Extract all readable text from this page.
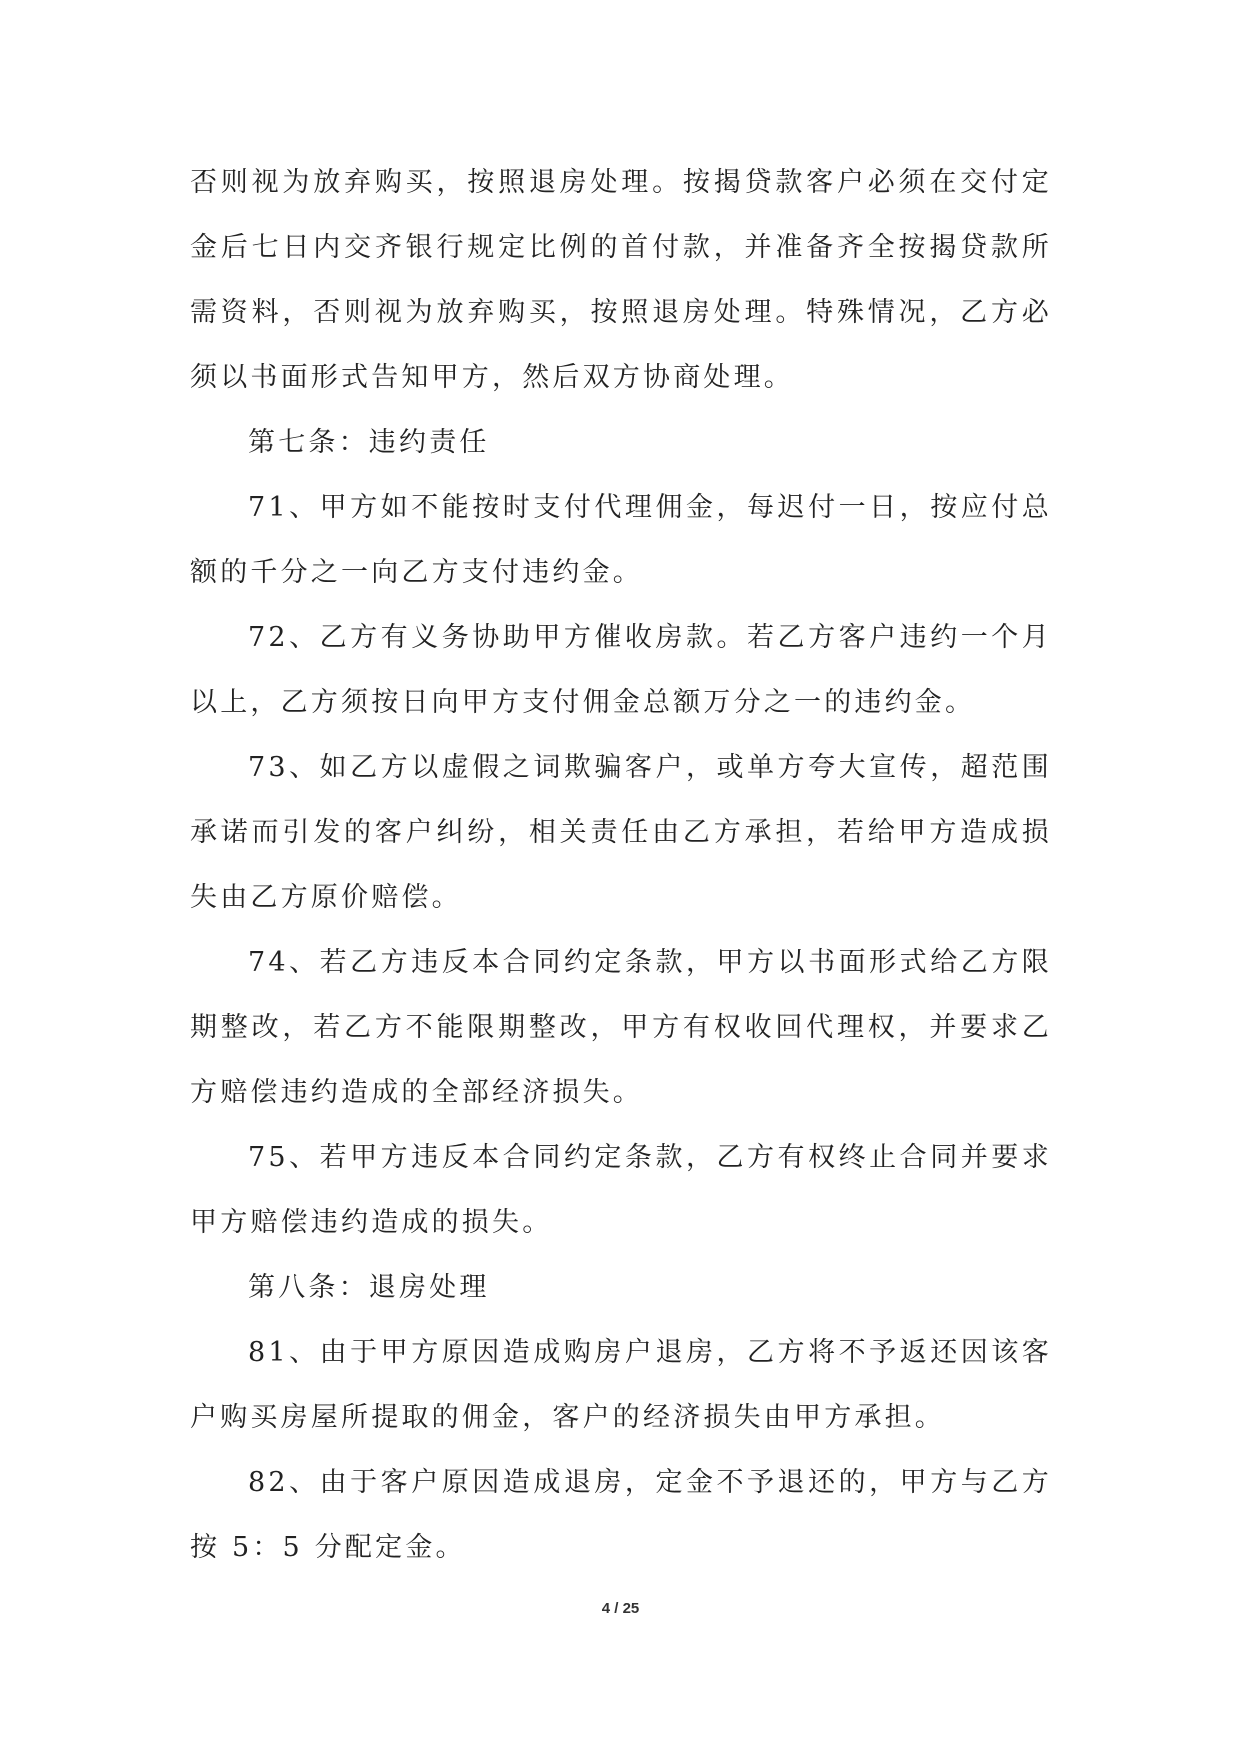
否则视为放弃购买，按照退房处理。按揭贷款客户必须在交付定金后七日内交齐银行规定比例的首付款，并准备齐全按揭贷款所需资料，否则视为放弃购买，按照退房处理。特殊情况，乙方必须以书面形式告知甲方，然后双方协商处理。

第七条：违约责任

71、甲方如不能按时支付代理佣金，每迟付一日，按应付总额的千分之一向乙方支付违约金。

72、乙方有义务协助甲方催收房款。若乙方客户违约一个月以上，乙方须按日向甲方支付佣金总额万分之一的违约金。

73、如乙方以虚假之词欺骗客户，或单方夸大宣传，超范围承诺而引发的客户纠纷，相关责任由乙方承担，若给甲方造成损失由乙方原价赔偿。

74、若乙方违反本合同约定条款，甲方以书面形式给乙方限期整改，若乙方不能限期整改，甲方有权收回代理权，并要求乙方赔偿违约造成的全部经济损失。

75、若甲方违反本合同约定条款，乙方有权终止合同并要求甲方赔偿违约造成的损失。

第八条：退房处理

81、由于甲方原因造成购房户退房，乙方将不予返还因该客户购买房屋所提取的佣金，客户的经济损失由甲方承担。

82、由于客户原因造成退房，定金不予退还的，甲方与乙方按 5：5 分配定金。

4 / 25
